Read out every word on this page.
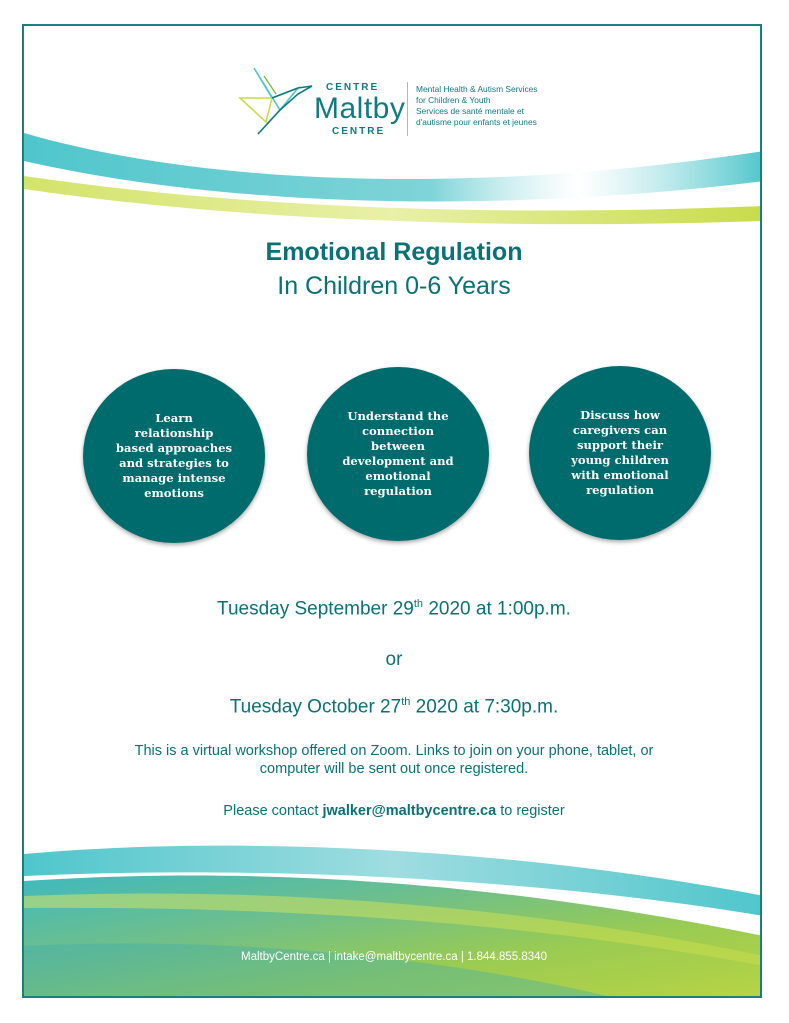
CENTRE
Maltby
CENTRE
Mental Health & Autism Services
for Children & Youth
Services de santé mentale et
d'autisme pour enfants et jeunes
Emotional Regulation
In Children 0-6 Years
Learn relationship based approaches and strategies to manage intense emotions
Understand the connection between development and emotional regulation
Discuss how caregivers can support their young children with emotional regulation
Tuesday September 29th 2020 at 1:00p.m.
or
Tuesday October 27th 2020 at 7:30p.m.
This is a virtual workshop offered on Zoom. Links to join on your phone, tablet, or
computer will be sent out once registered.
Please contact jwalker@maltbycentre.ca to register
MaltbyCentre.ca | intake@maltbycentre.ca | 1.844.855.8340
